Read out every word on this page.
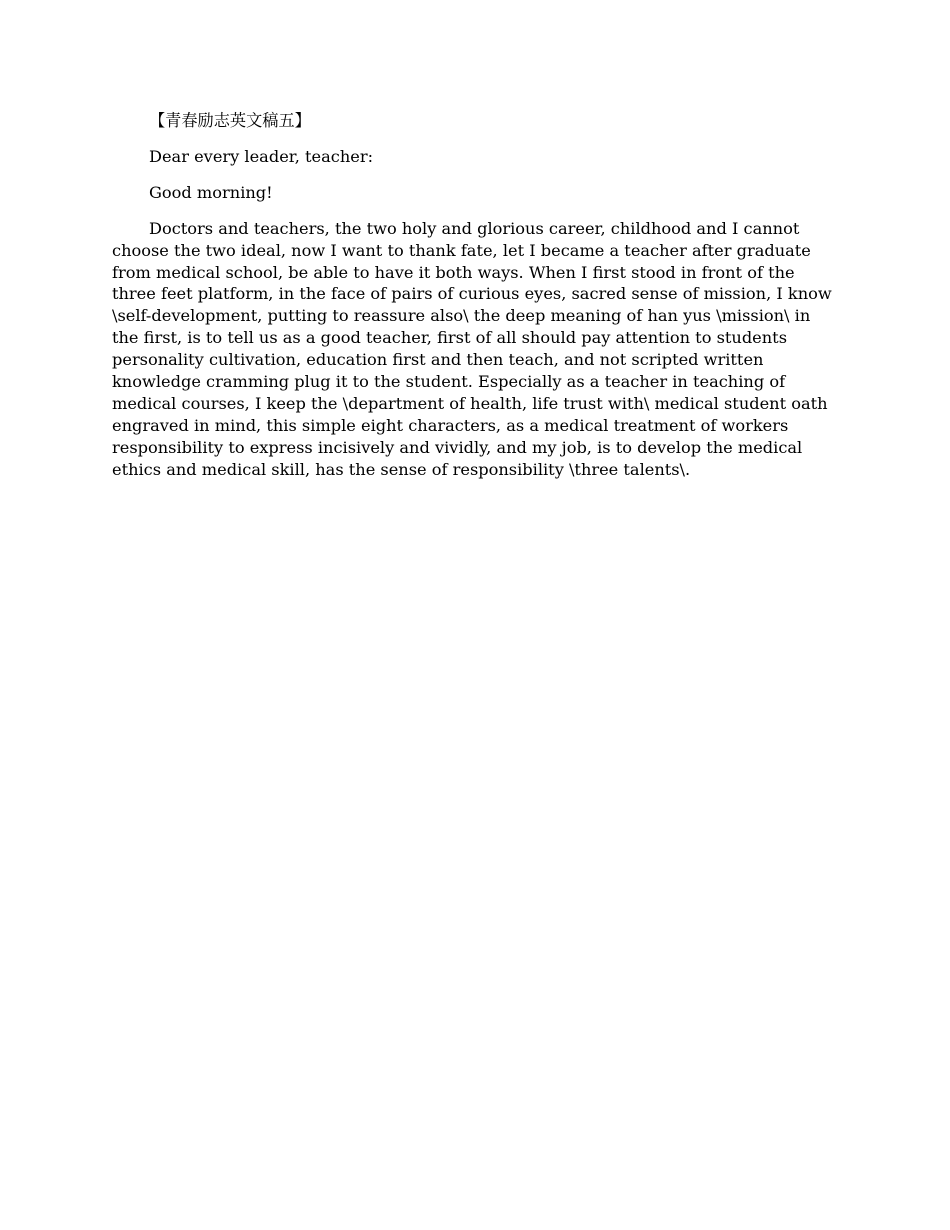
【青春励志英文稿五】

Dear every leader, teacher:

Good morning!

Doctors and teachers, the two holy and glorious career, childhood and I cannot choose the two ideal, now I want to thank fate, let I became a teacher after graduate from medical school, be able to have it both ways. When I first stood in front of the three feet platform, in the face of pairs of curious eyes, sacred sense of mission, I know \self-development, putting to reassure also\ the deep meaning of han yus \mission\ in the first, is to tell us as a good teacher, first of all should pay attention to students personality cultivation, education first and then teach, and not scripted written knowledge cramming plug it to the student. Especially as a teacher in teaching of medical courses, I keep the \department of health, life trust with\ medical student oath engraved in mind, this simple eight characters, as a medical treatment of workers responsibility to express incisively and vividly, and my job, is to develop the medical ethics and medical skill, has the sense of responsibility \three talents\.
